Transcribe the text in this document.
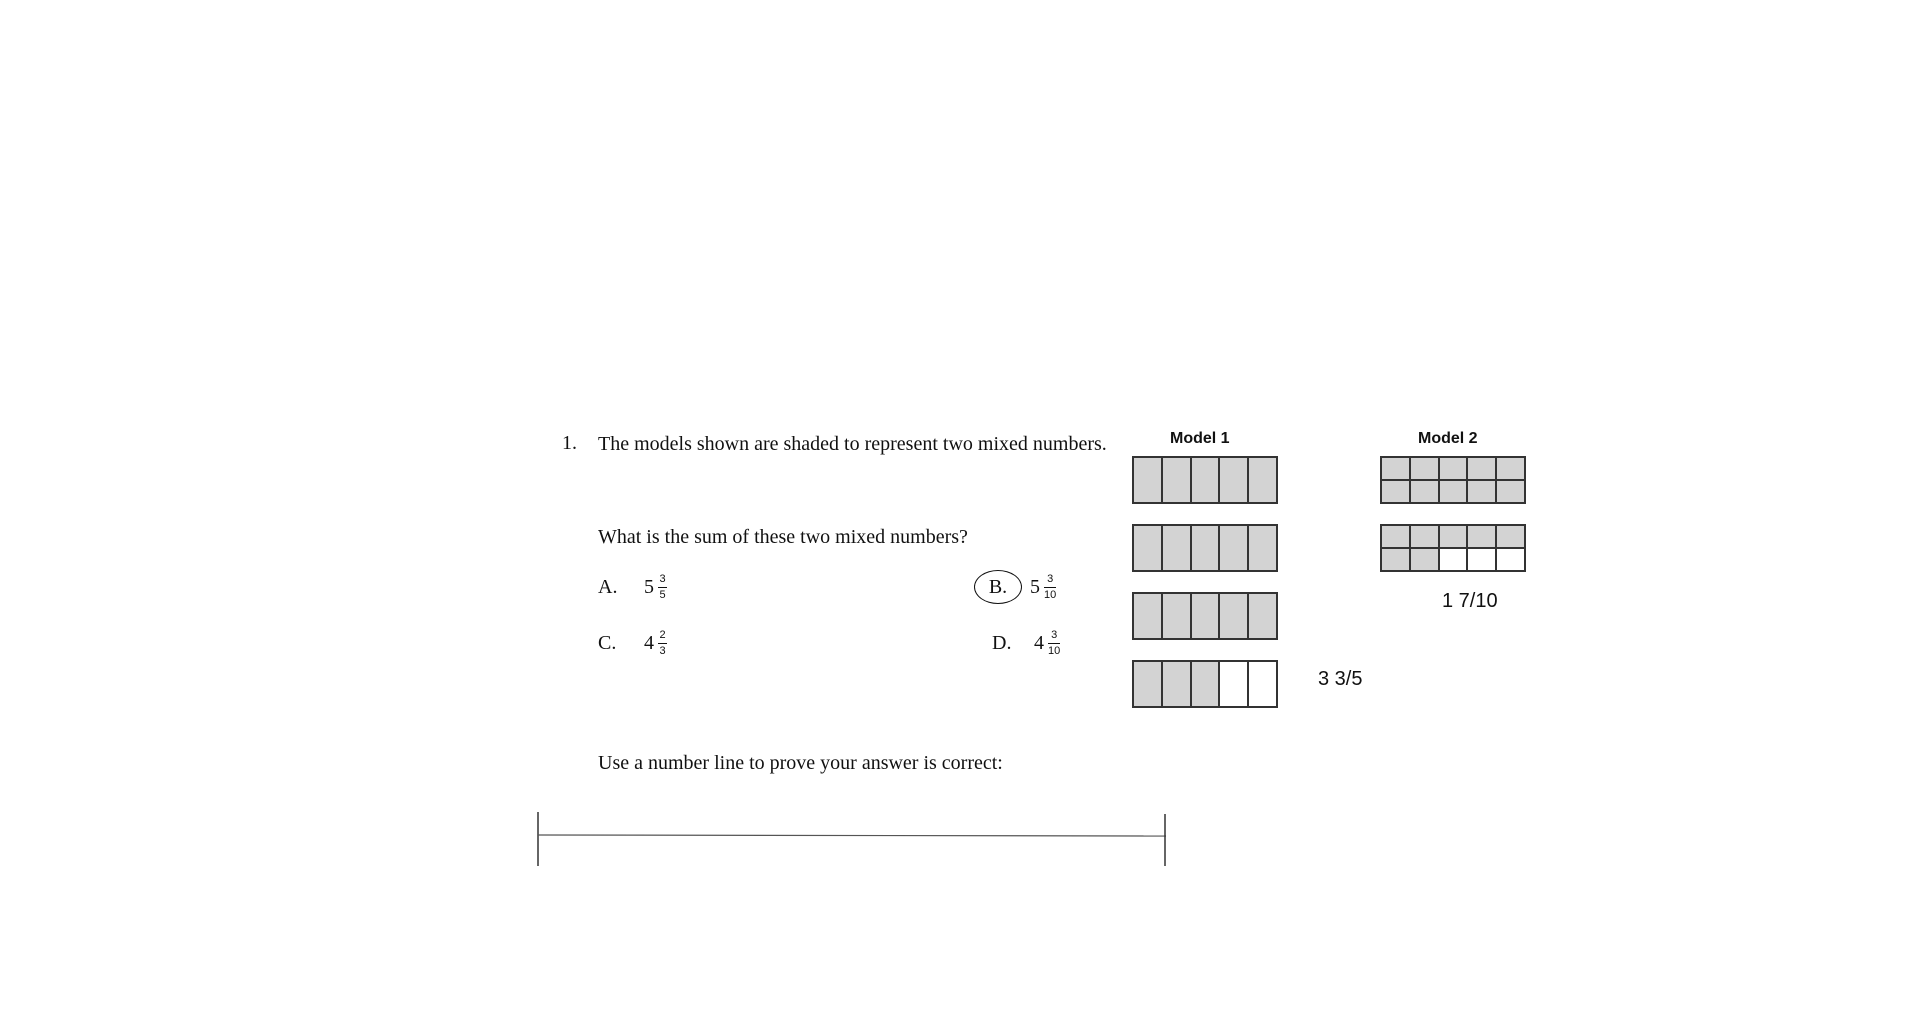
1. The models shown are shaded to represent two mixed numbers.
What is the sum of these two mixed numbers?
A.	$5 \frac{3}{5}$	B.	$5 \frac{3}{10}$
C.	$4 \frac{2}{3}$	D.	$4 \frac{3}{10}$
Use a number line to prove your answer is correct:
Model 1
3 3/5
Model 2
1 7/10
